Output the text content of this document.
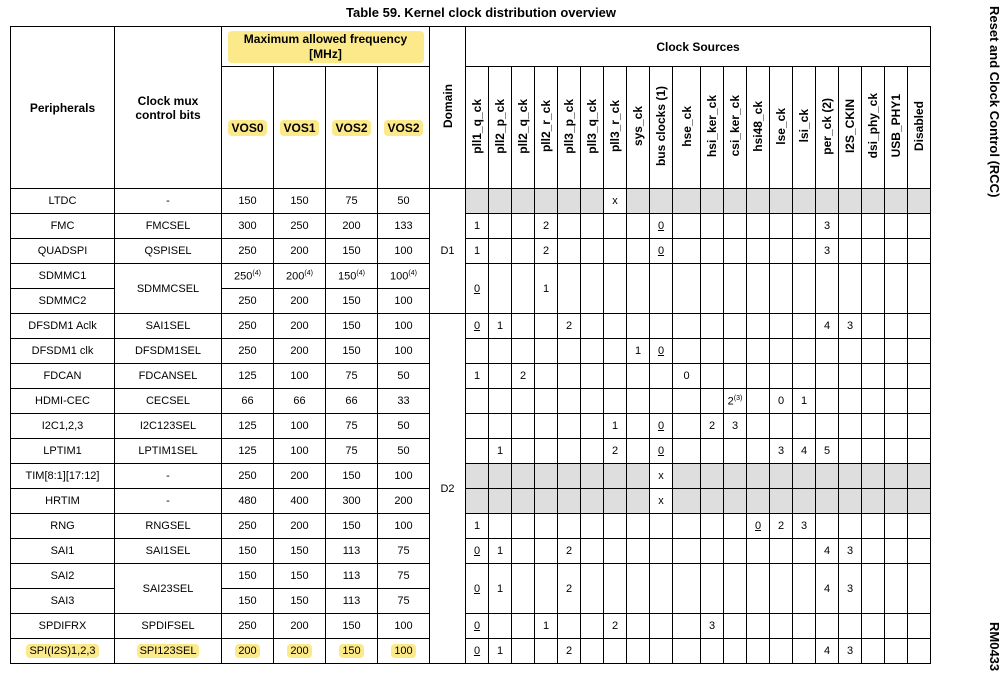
Table 59. Kernel clock distribution overview	Reset and Clock Control (RCC)
RM0433
Peripherals	Clock mux control bits	Maximum allowed frequency [MHz]				Domain	Clock Sources																			
		VOS0	VOS1	VOS2	VOS2		pll1_q_ck	pll2_p_ck	pll2_q_ck	pll2_r_ck	pll3_p_ck	pll3_q_ck	pll3_r_ck	sys_ck	bus clocks (1)	hse_ck	hsi_ker_ck	csi_ker_ck	hsi48_ck	lse_ck	lsi_ck	per_ck (2)	I2S_CKIN	dsi_phy_ck	USB_PHY1	Disabled
LTDC	-	150	150	75	50	D1							x													
FMC	FMCSEL	300	250	200	133		1			2					0							3				
QUADSPI	QSPISEL	250	200	150	100		1			2					0							3				
SDMMC1	SDMMCSEL	250$^{(4)}$	200$^{(4)}$	150$^{(4)}$	100$^{(4)}$		0			1																
SDMMC2		250	200	150	100																					
DFSDM1 Aclk	SAI1SEL	250	200	150	100	D2	0	1			2											4	3			
DFSDM1 clk	DFSDM1SEL	250	200	150	100									1	0											
FDCAN	FDCANSEL	125	100	75	50		1		2							0										
HDMI-CEC	CECSEL	66	66	66	33													2$^{(3)}$		0	1					
I2C1,2,3	I2C123SEL	125	100	75	50								1		0		2	3								
LPTIM1	LPTIM1SEL	125	100	75	50			1					2		0					3	4	5				
TIM[8:1][17:12]	-	250	200	150	100										x											
HRTIM	-	480	400	300	200										x											
RNG	RNGSEL	250	200	150	100		1												0	2	3					
SAI1	SAI1SEL	150	150	113	75		0	1			2											4	3			
SAI2	SAI23SEL	150	150	113	75		0	1			2											4	3			
SAI3		150	150	113	75																					
SPDIFRX	SPDIFSEL	250	200	150	100		0			1			2				3									
SPI(I2S)1,2,3	SPI123SEL	200	200	150	100		0	1			2											4	3			
